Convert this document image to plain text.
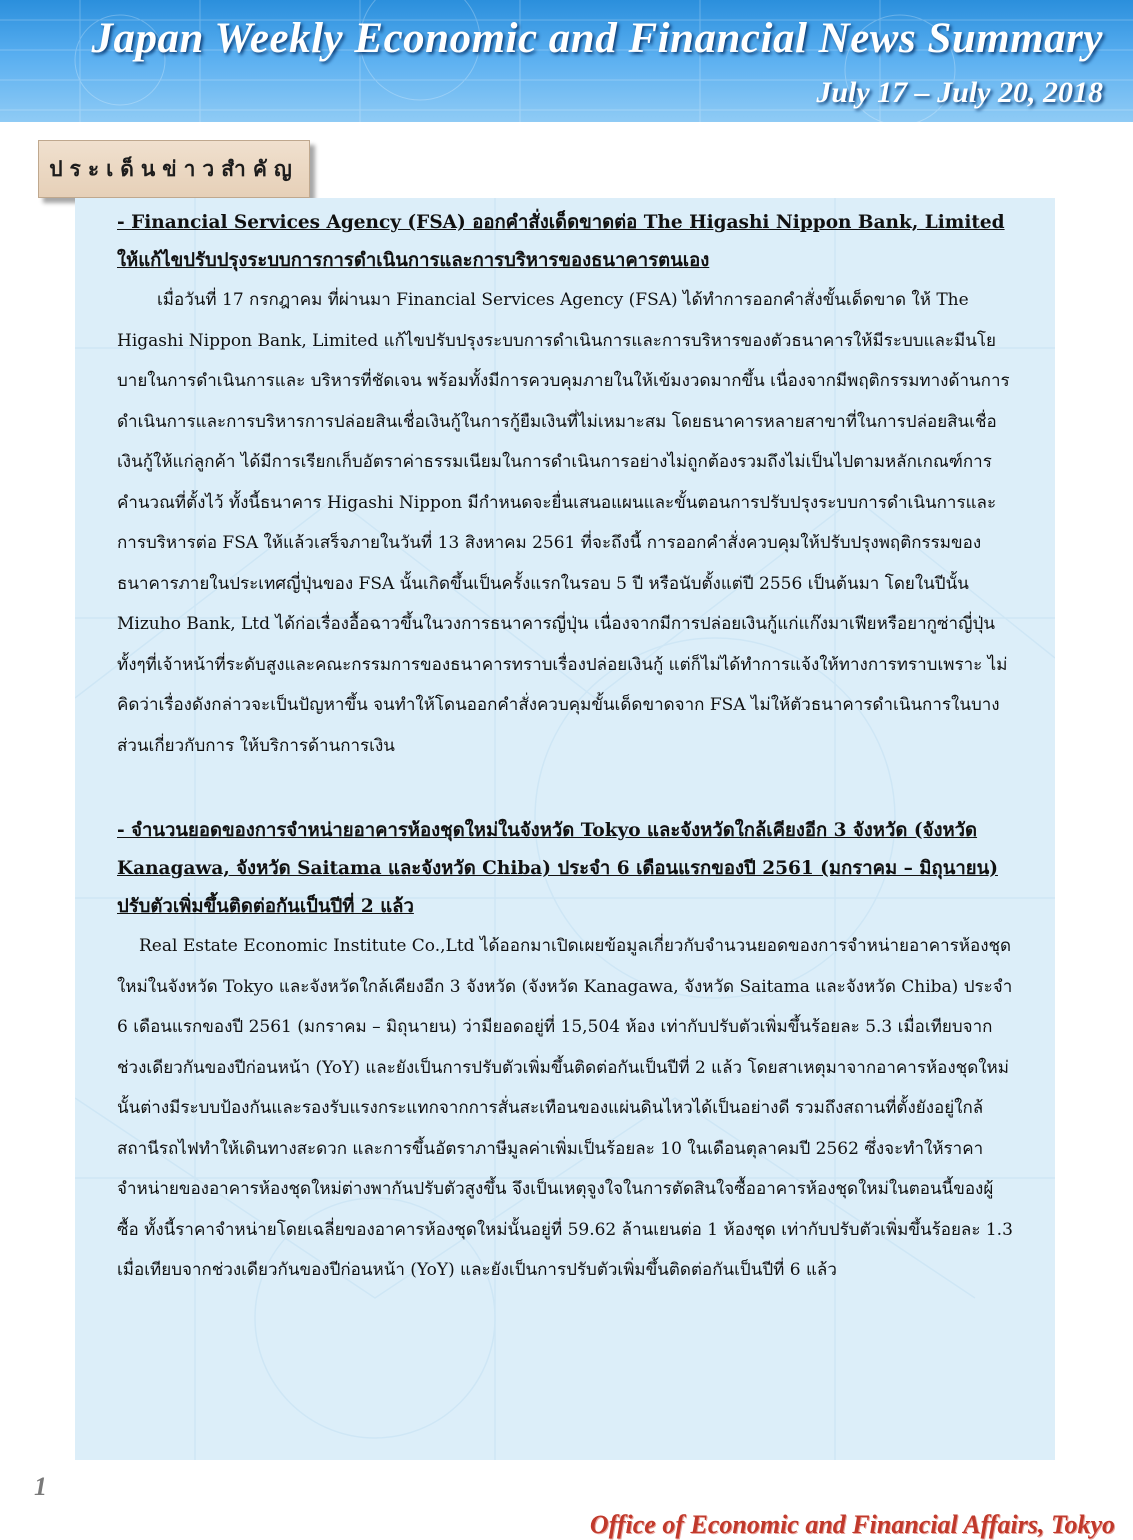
Japan Weekly Economic and Financial News Summary
July 17 – July 20, 2018
ประเด็นข่าวสำคัญ

- Financial Services Agency (FSA) ออกคำสั่งเด็ดขาดต่อ The Higashi Nippon Bank, Limited ให้แก้ไขปรับปรุงระบบการการดำเนินการและการบริหารของธนาคารตนเอง

เมื่อวันที่ 17 กรกฎาคม ที่ผ่านมา Financial Services Agency (FSA) ได้ทำการออกคำสั่งขั้นเด็ดขาด ให้ The Higashi Nippon Bank, Limited แก้ไขปรับปรุงระบบการดำเนินการและการบริหารของตัวธนาคารให้มีระบบและมีนโยบายในการดำเนินการและ บริหารที่ชัดเจน พร้อมทั้งมีการควบคุมภายในให้เข้มงวดมากขึ้น เนื่องจากมีพฤติกรรมทางด้านการดำเนินการและการบริหารการปล่อยสินเชื่อเงินกู้ในการกู้ยืมเงินที่ไม่เหมาะสม โดยธนาคารหลายสาขาที่ในการปล่อยสินเชื่อเงินกู้ให้แก่ลูกค้า ได้มีการเรียกเก็บอัตราค่าธรรมเนียมในการดำเนินการอย่างไม่ถูกต้องรวมถึงไม่เป็นไปตามหลักเกณฑ์การคำนวณที่ตั้งไว้ ทั้งนี้ธนาคาร Higashi Nippon มีกำหนดจะยื่นเสนอแผนและขั้นตอนการปรับปรุงระบบการดำเนินการและการบริหารต่อ FSA ให้แล้วเสร็จภายในวันที่ 13 สิงหาคม 2561 ที่จะถึงนี้ การออกคำสั่งควบคุมให้ปรับปรุงพฤติกรรมของธนาคารภายในประเทศญี่ปุ่นของ FSA นั้นเกิดขึ้นเป็นครั้งแรกในรอบ 5 ปี หรือนับตั้งแต่ปี 2556 เป็นต้นมา โดยในปีนั้น Mizuho Bank, Ltd ได้ก่อเรื่องอื้อฉาวขึ้นในวงการธนาคารญี่ปุ่น เนื่องจากมีการปล่อยเงินกู้แก่แก๊งมาเฟียหรือยากูซ่าญี่ปุ่น ทั้งๆที่เจ้าหน้าที่ระดับสูงและคณะกรรมการของธนาคารทราบเรื่องปล่อยเงินกู้ แต่ก็ไม่ได้ทำการแจ้งให้ทางการทราบเพราะ ไม่คิดว่าเรื่องดังกล่าวจะเป็นปัญหาขึ้น จนทำให้โดนออกคำสั่งควบคุมขั้นเด็ดขาดจาก FSA ไม่ให้ตัวธนาคารดำเนินการในบางส่วนเกี่ยวกับการ ให้บริการด้านการเงิน

- จำนวนยอดของการจำหน่ายอาคารห้องชุดใหม่ในจังหวัด Tokyo และจังหวัดใกล้เคียงอีก 3 จังหวัด (จังหวัด Kanagawa, จังหวัด Saitama และจังหวัด Chiba) ประจำ 6 เดือนแรกของปี 2561 (มกราคม – มิถุนายน) ปรับตัวเพิ่มขึ้นติดต่อกันเป็นปีที่ 2 แล้ว

Real Estate Economic Institute Co.,Ltd ได้ออกมาเปิดเผยข้อมูลเกี่ยวกับจำนวนยอดของการจำหน่ายอาคารห้องชุดใหม่ในจังหวัด Tokyo และจังหวัดใกล้เคียงอีก 3 จังหวัด (จังหวัด Kanagawa, จังหวัด Saitama และจังหวัด Chiba) ประจำ 6 เดือนแรกของปี 2561 (มกราคม – มิถุนายน) ว่ามียอดอยู่ที่ 15,504 ห้อง เท่ากับปรับตัวเพิ่มขึ้นร้อยละ 5.3 เมื่อเทียบจากช่วงเดียวกันของปีก่อนหน้า (YoY) และยังเป็นการปรับตัวเพิ่มขึ้นติดต่อกันเป็นปีที่ 2 แล้ว โดยสาเหตุมาจากอาคารห้องชุดใหม่นั้นต่างมีระบบป้องกันและรองรับแรงกระแทกจากการสั่นสะเทือนของแผ่นดินไหวได้เป็นอย่างดี รวมถึงสถานที่ตั้งยังอยู่ใกล้สถานีรถไฟทำให้เดินทางสะดวก และการขึ้นอัตราภาษีมูลค่าเพิ่มเป็นร้อยละ 10 ในเดือนตุลาคมปี 2562 ซึ่งจะทำให้ราคาจำหน่ายของอาคารห้องชุดใหม่ต่างพากันปรับตัวสูงขึ้น จึงเป็นเหตุจูงใจในการตัดสินใจซื้ออาคารห้องชุดใหม่ในตอนนี้ของผู้ซื้อ ทั้งนี้ราคาจำหน่ายโดยเฉลี่ยของอาคารห้องชุดใหม่นั้นอยู่ที่ 59.62 ล้านเยนต่อ 1 ห้องชุด เท่ากับปรับตัวเพิ่มขึ้นร้อยละ 1.3 เมื่อเทียบจากช่วงเดียวกันของปีก่อนหน้า (YoY) และยังเป็นการปรับตัวเพิ่มขึ้นติดต่อกันเป็นปีที่ 6 แล้ว

1
Office of Economic and Financial Affairs, Tokyo
